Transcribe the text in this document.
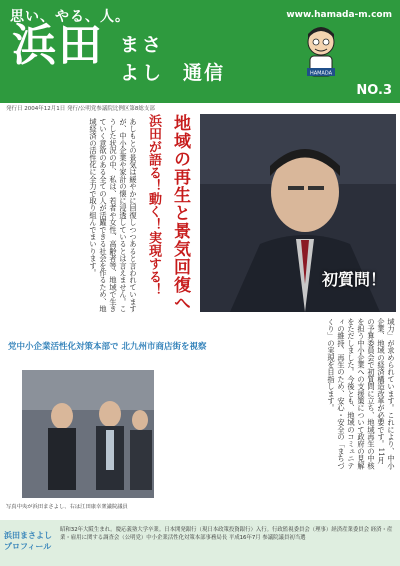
思い、やる、人。
浜田 まさ
よし 通信
www.hamada-m.com
HAMADA
NO.3
発行日 2004年12月1日 発行/公明党参議院比例区第8総支部
あしもとの景気は緩やかに回復しつつあると言われていますが、中小企業や家計の懐に浸透しているとは言えません。こうした状況の中、私は、若者や女性、高齢者等、地域で生きていく意欲のある全ての人が活躍できる社会を作るため、地域経済の活性化に全力で取り組んでまいります。	地域の再生と景気回復へ
浜田が語る！動く！実現する！	初質問！
域力」が求められています。これにより、中小企業、地域の経済構造改革が必要です。11月の予算委員会で初質問に立ち、地域再生の中核を担う中小企業への支援策について政府の見解をただしました。今後とも、地域のコミュニティの維持、再生のため、安心・安全の「まちづくり」の実現を目指します。
党中小企業活性化対策本部で 北九州市商店街を視察
写真中央が浜田まさよし、右は江田康幸衆議院議員
浜田まさよし プロフィール
昭和32年大阪生まれ。慶応義塾大学卒業。日本開発銀行（現日本政策投資銀行）入行。行政監視委員会（理事）経済産業委員会 経済・産業・雇用に関する調査会（公明党）中小企業活性化対策本部事務局長 平成16年7月 参議院議員初当選
